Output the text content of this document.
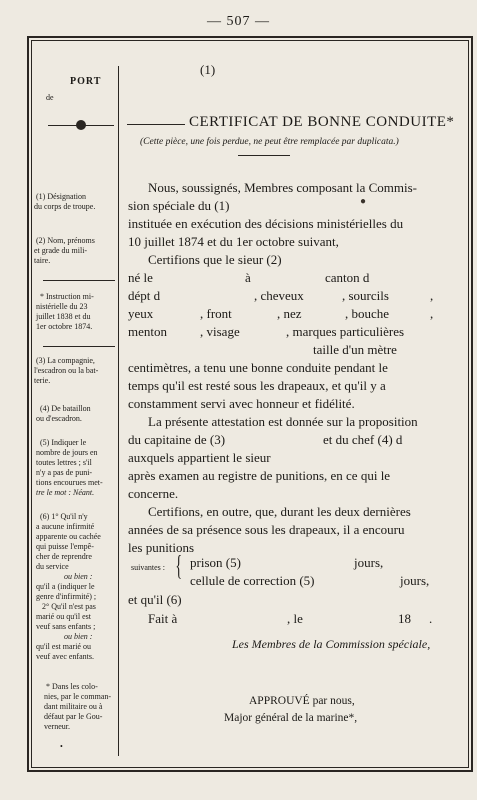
— 507 —
PORT
de
(1)
CERTIFICAT DE BONNE CONDUITE*
(Cette pièce, une fois perdue, ne peut être remplacée par duplicata.)
●
(1) Désignation
du corps de troupe.
(2) Nom, prénoms
et grade du mili-
taire.
* Instruction mi-
nistérielle du 23
juillet 1838 et du
1er octobre 1874.
(3) La compagnie,
l'escadron ou la bat-
terie.
(4) De bataillon
ou d'escadron.
(5) Indiquer le
nombre de jours en
toutes lettres ; s'il
n'y a pas de puni-
tions encourues met-
tre le mot : Néant.
(6) 1° Qu'il n'y
a aucune infirmité
apparente ou cachée
qui puisse l'empê-
cher de reprendre
du service
ou bien :
qu'il a (indiquer le
genre d'infirmité) ;
2° Qu'il n'est pas
marié ou qu'il est
veuf sans enfants ;
ou bien :
qu'il est marié ou
veuf avec enfants.
* Dans les colo-
nies, par le comman-
dant militaire ou à
défaut par le Gou-
verneur.
•
Nous, soussignés, Membres composant la Commis-
sion spéciale du (1)
instituée en exécution des décisions ministérielles du
10 juillet 1874 et du 1er octobre suivant,
Certifions que le sieur (2)
né le	à	canton d
dépt d	, cheveux	, sourcils	,
yeux	, front	, nez	, bouche	,
menton	, visage	, marques particulières
taille d'un mètre
centimètres, a tenu une bonne conduite pendant le
temps qu'il est resté sous les drapeaux, et qu'il y a
constamment servi avec honneur et fidélité.
La présente attestation est donnée sur la proposition
du capitaine de (3)	et du chef (4) d
auxquels appartient le sieur
après examen au registre de punitions, en ce qui le
concerne.
Certifions, en outre, que, durant les deux dernières
années de sa présence sous les drapeaux, il a encouru
les punitions
suivantes : { prison (5)	jours,
cellule de correction (5)	jours,
et qu'il (6)
Fait à	, le	18 .
Les Membres de la Commission spéciale,
APPROUVÉ par nous,
Major général de la marine*,
